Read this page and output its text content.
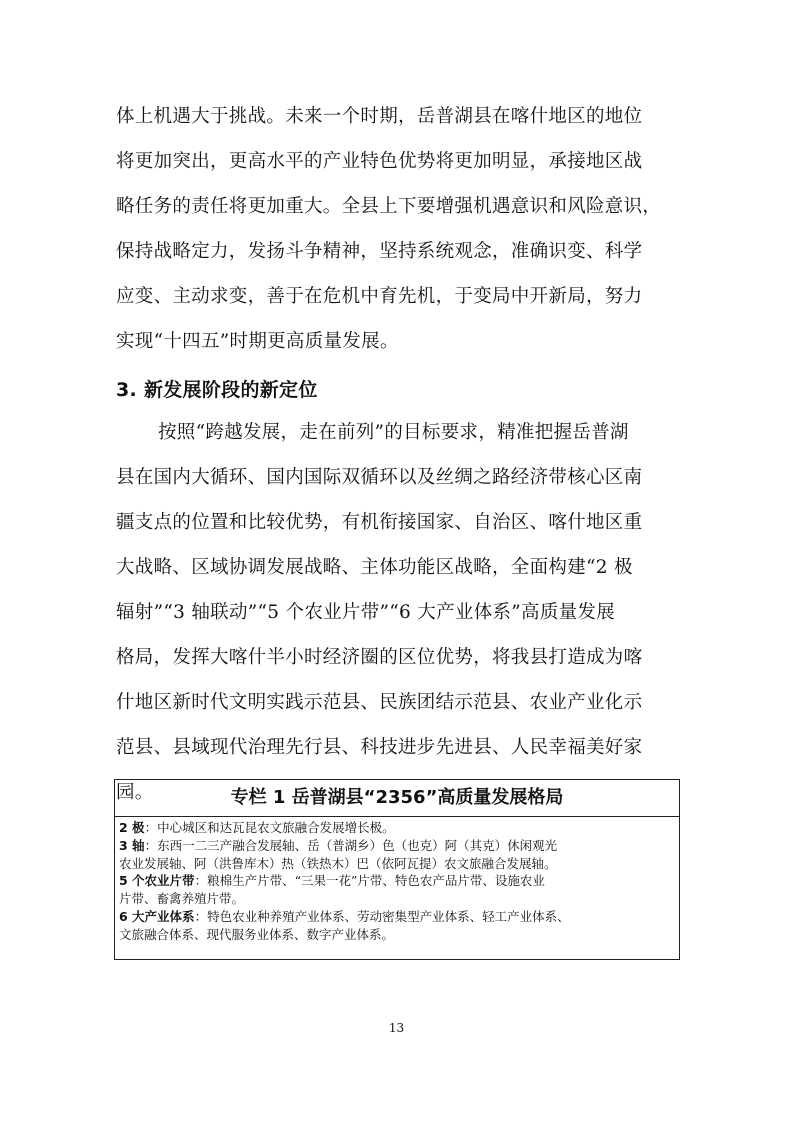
体上机遇大于挑战。未来一个时期，岳普湖县在喀什地区的地位
将更加突出，更高水平的产业特色优势将更加明显，承接地区战
略任务的责任将更加重大。全县上下要增强机遇意识和风险意识，
保持战略定力，发扬斗争精神，坚持系统观念，准确识变、科学
应变、主动求变，善于在危机中育先机，于变局中开新局，努力
实现“十四五”时期更高质量发展。
3. 新发展阶段的新定位
按照“跨越发展，走在前列”的目标要求，精准把握岳普湖
县在国内大循环、国内国际双循环以及丝绸之路经济带核心区南
疆支点的位置和比较优势，有机衔接国家、自治区、喀什地区重
大战略、区域协调发展战略、主体功能区战略，全面构建“2 极
辐射”“3 轴联动”“5 个农业片带”“6 大产业体系”高质量发展
格局，发挥大喀什半小时经济圈的区位优势，将我县打造成为喀
什地区新时代文明实践示范县、民族团结示范县、农业产业化示
范县、县域现代治理先行县、科技进步先进县、人民幸福美好家
园。	专栏 1 岳普湖县“2356”高质量发展格局
2 极：中心城区和达瓦昆农文旅融合发展增长极。
3 轴：东西一二三产融合发展轴、岳（普湖乡）色（也克）阿（其克）休闲观光
农业发展轴、阿（洪鲁库木）热（铁热木）巴（依阿瓦提）农文旅融合发展轴。
5 个农业片带：粮棉生产片带、“三果一花”片带、特色农产品片带、设施农业
片带、畜禽养殖片带。
6 大产业体系：特色农业种养殖产业体系、劳动密集型产业体系、轻工产业体系、
文旅融合体系、现代服务业体系、数字产业体系。
13
